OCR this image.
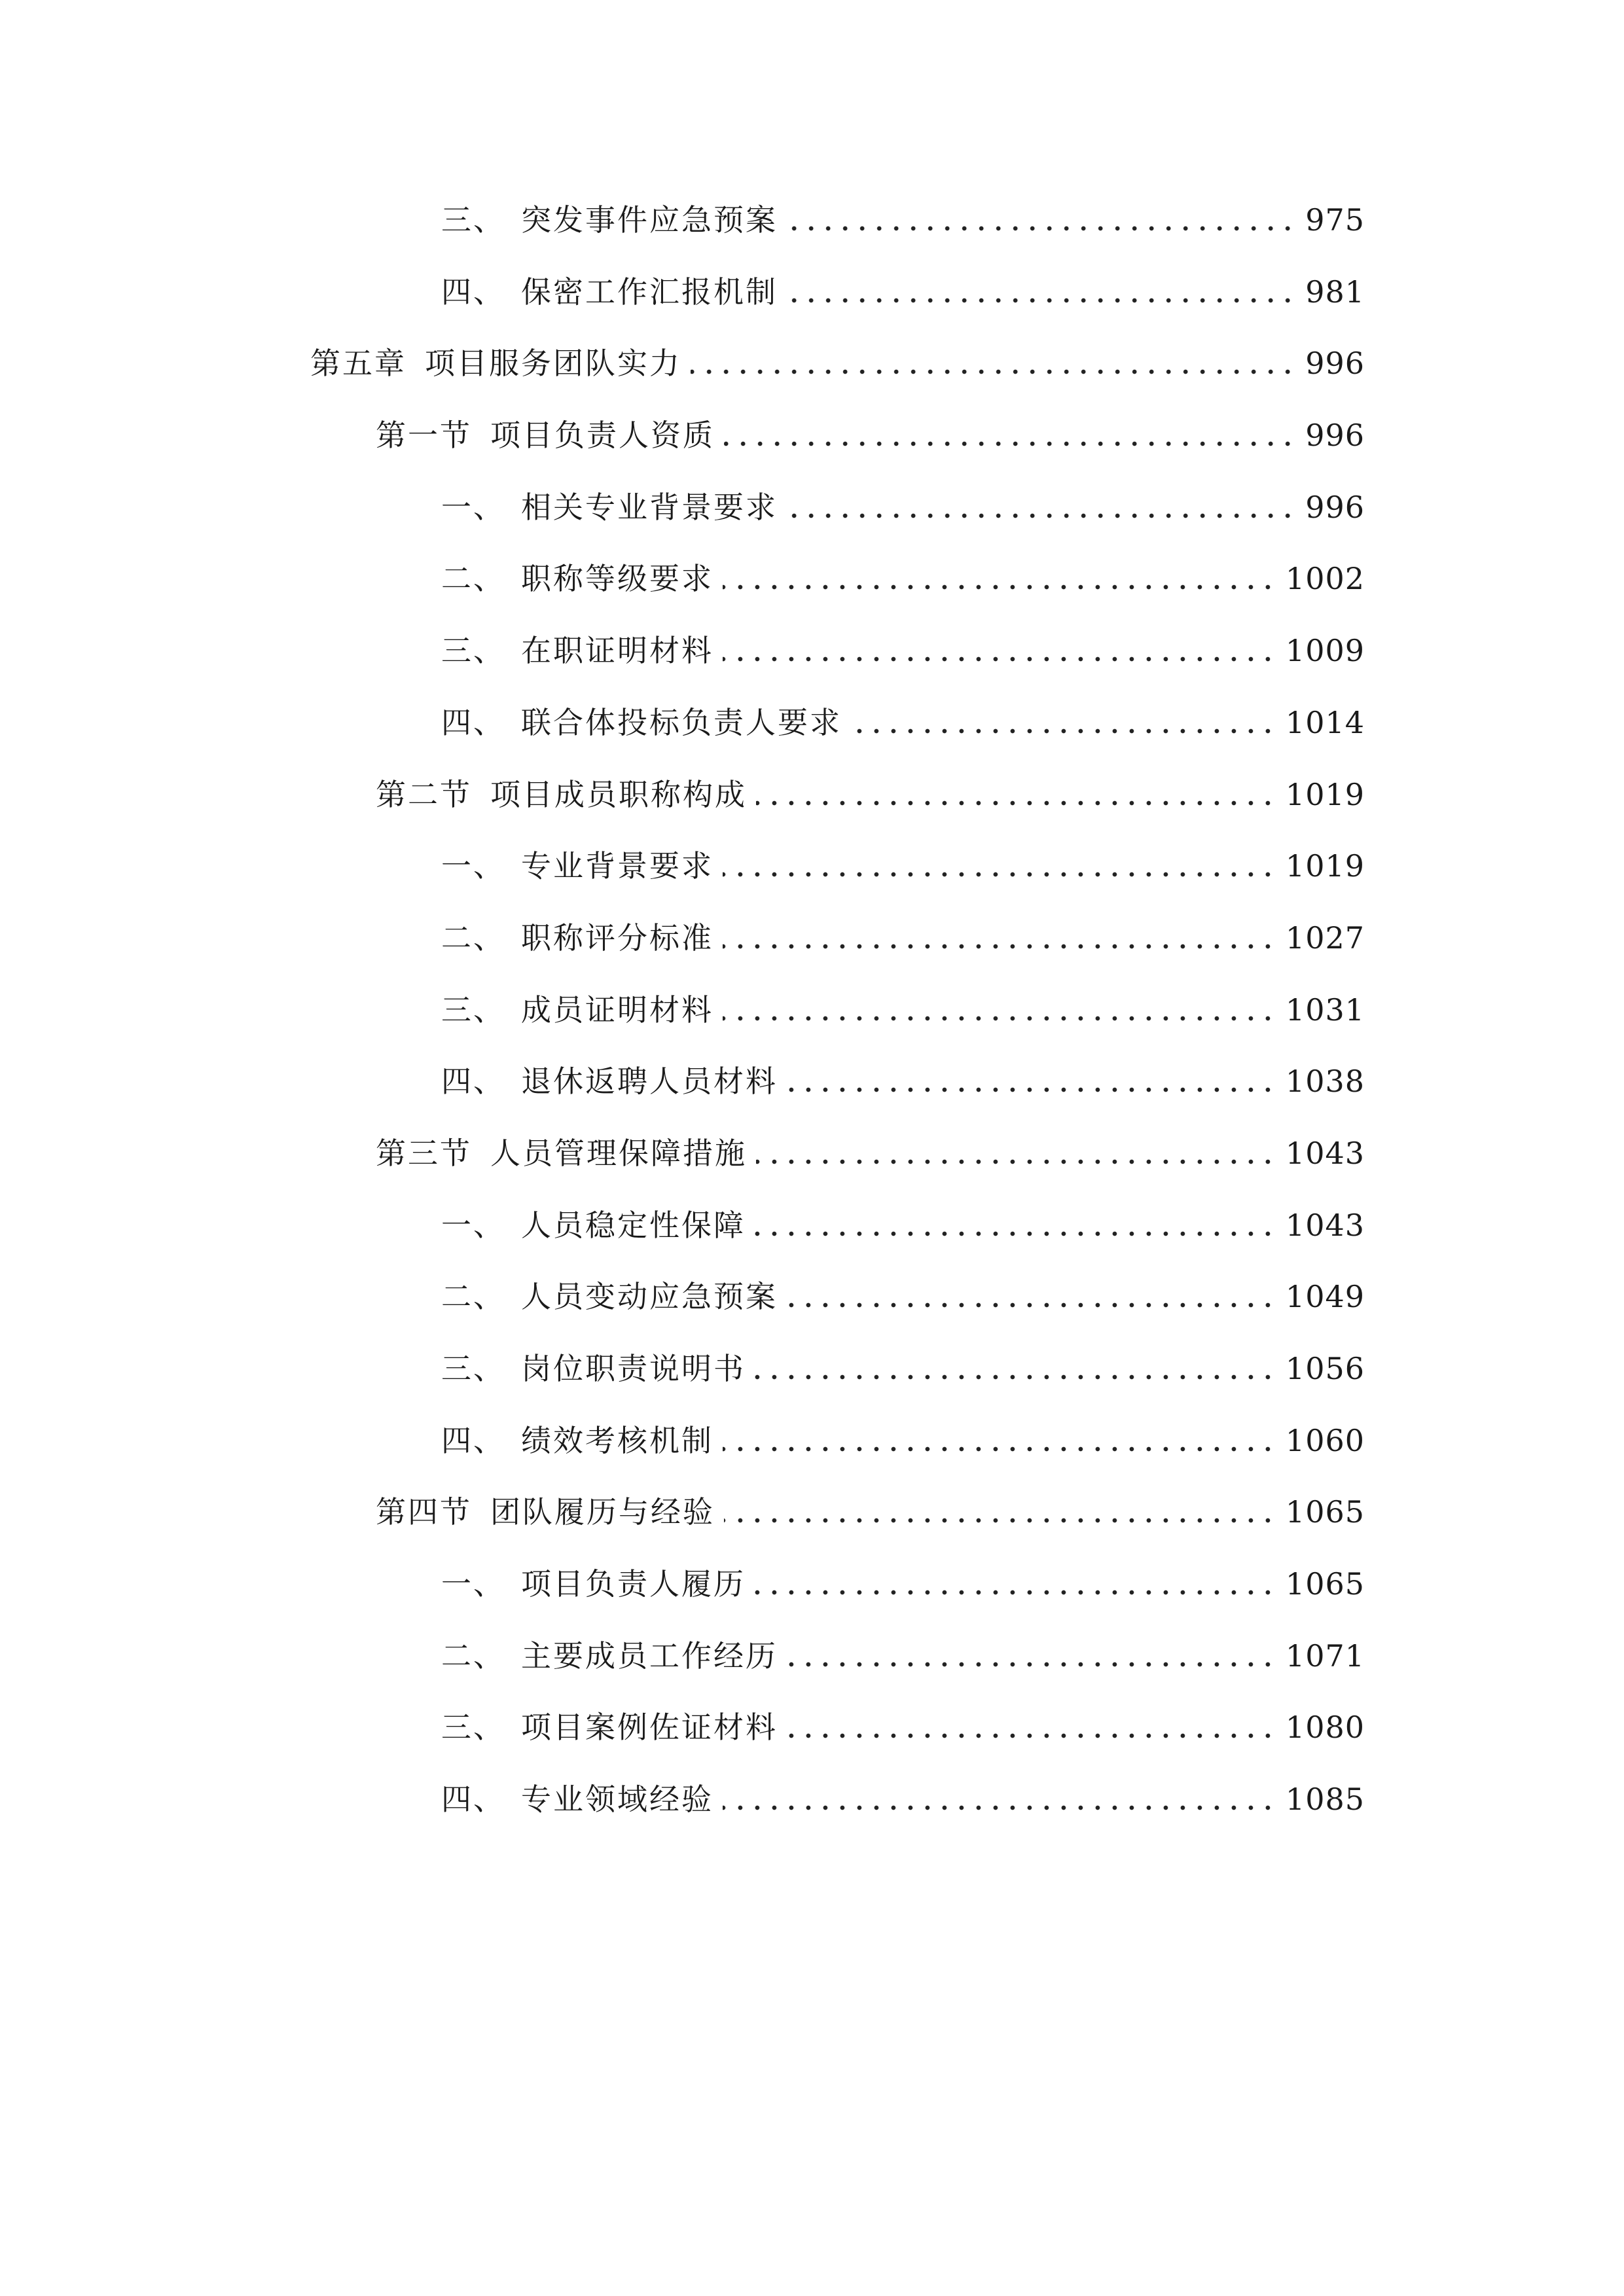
三、 突发事件应急预案	975
四、 保密工作汇报机制	981
第五章 项目服务团队实力	996
第一节 项目负责人资质	996
一、 相关专业背景要求	996
二、 职称等级要求	1002
三、 在职证明材料	1009
四、 联合体投标负责人要求	1014
第二节 项目成员职称构成	1019
一、 专业背景要求	1019
二、 职称评分标准	1027
三、 成员证明材料	1031
四、 退休返聘人员材料	1038
第三节 人员管理保障措施	1043
一、 人员稳定性保障	1043
二、 人员变动应急预案	1049
三、 岗位职责说明书	1056
四、 绩效考核机制	1060
第四节 团队履历与经验	1065
一、 项目负责人履历	1065
二、 主要成员工作经历	1071
三、 项目案例佐证材料	1080
四、 专业领域经验	1085
